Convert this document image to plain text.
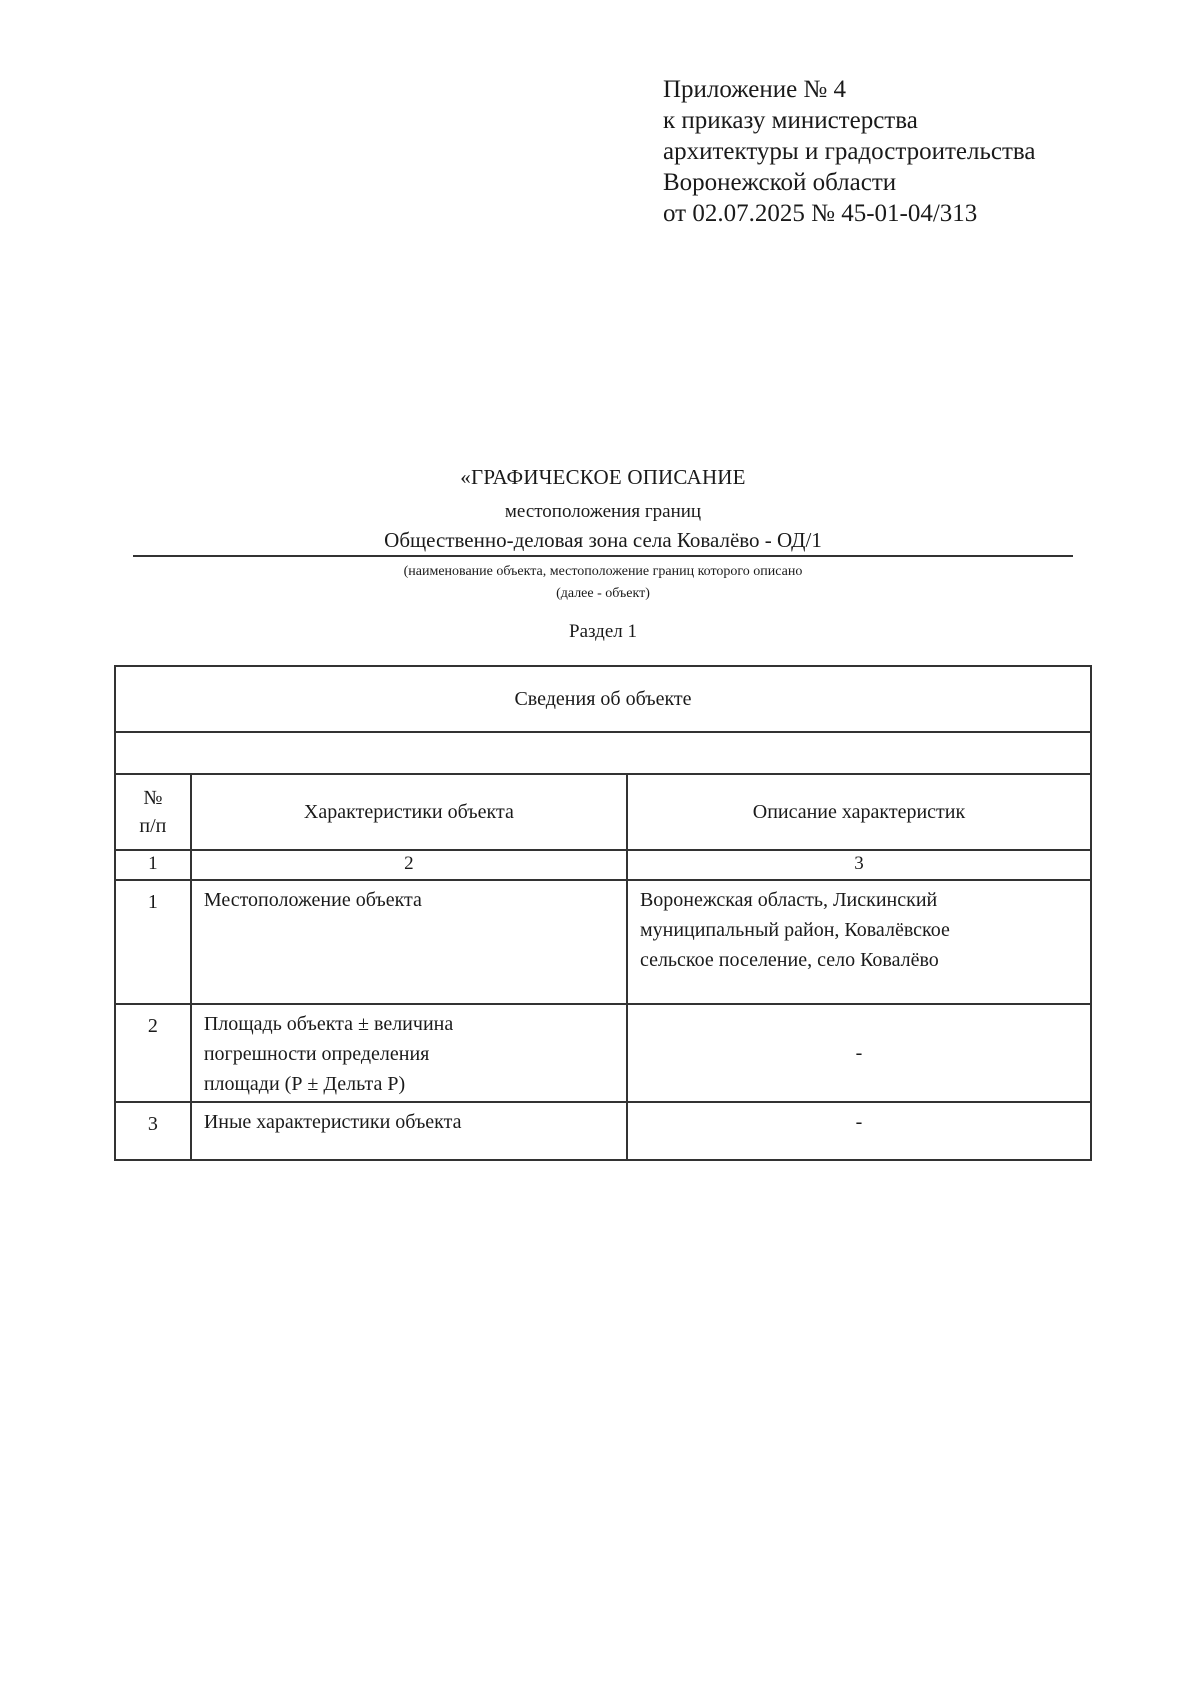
Приложение № 4
к приказу министерства
архитектуры и градостроительства
Воронежской области
от 02.07.2025 № 45-01-04/313
«ГРАФИЧЕСКОЕ ОПИСАНИЕ
местоположения границ
Общественно-деловая зона села Ковалёво - ОД/1
(наименование объекта, местоположение границ которого описано
(далее - объект)
Раздел 1
Сведения об объекте		

№
п/п	Характеристики объекта	Описание характеристик
1	2	3
1	Местоположение объекта	Воронежская область, Лискинский
муниципальный район, Ковалёвское
сельское поселение, село Ковалёво

2	Площадь объекта ± величина
погрешности определения
площади (Р ± Дельта Р)	-
3	Иные характеристики объекта	-
